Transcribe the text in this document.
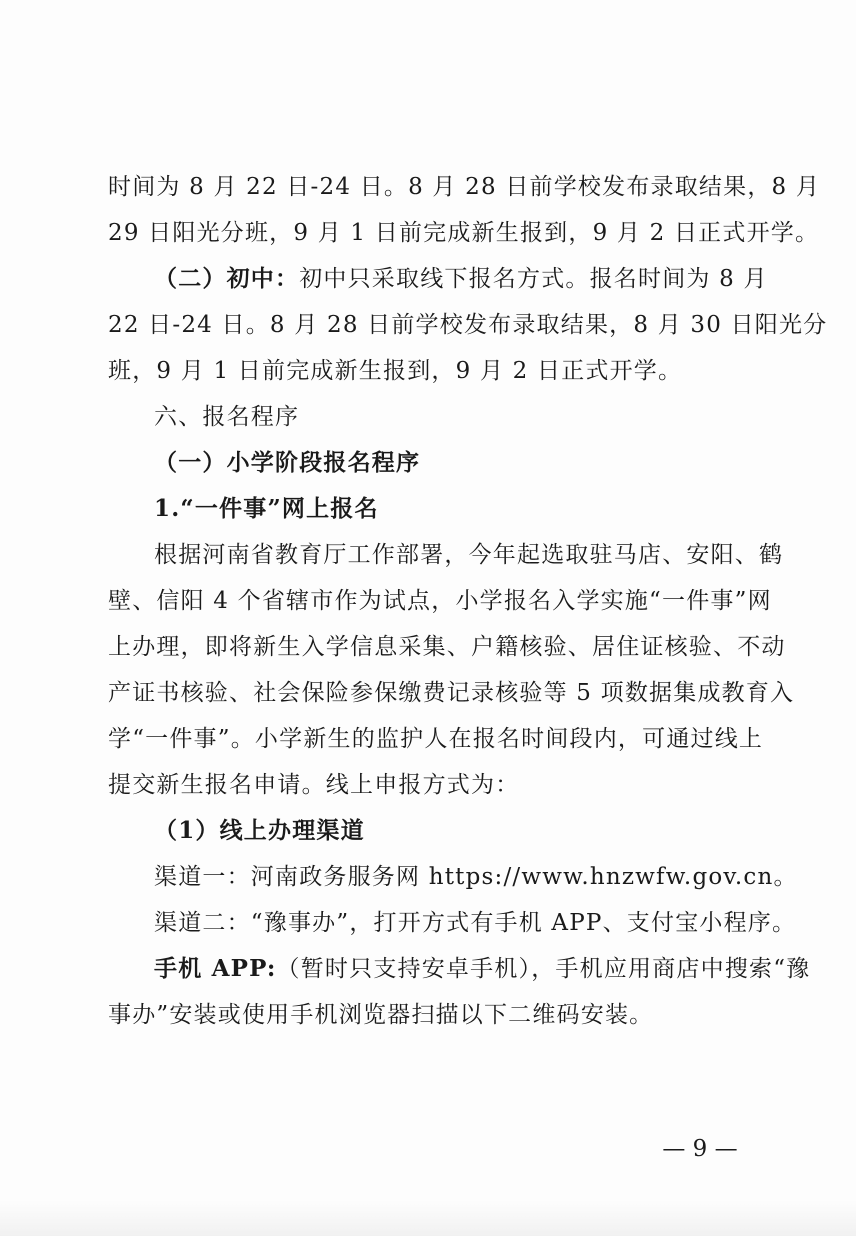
时间为 8 月 22 日-24 日。8 月 28 日前学校发布录取结果，8 月
29 日阳光分班，9 月 1 日前完成新生报到，9 月 2 日正式开学。
（二）初中：初中只采取线下报名方式。报名时间为 8 月
22 日-24 日。8 月 28 日前学校发布录取结果，8 月 30 日阳光分
班，9 月 1 日前完成新生报到，9 月 2 日正式开学。
六、报名程序
（一）小学阶段报名程序
1.“一件事”网上报名
根据河南省教育厅工作部署，今年起选取驻马店、安阳、鹤
壁、信阳 4 个省辖市作为试点，小学报名入学实施“一件事”网
上办理，即将新生入学信息采集、户籍核验、居住证核验、不动
产证书核验、社会保险参保缴费记录核验等 5 项数据集成教育入
学“一件事”。小学新生的监护人在报名时间段内，可通过线上
提交新生报名申请。线上申报方式为：
（1）线上办理渠道
渠道一：河南政务服务网 https://www.hnzwfw.gov.cn。
渠道二：“豫事办”，打开方式有手机 APP、支付宝小程序。
手机 APP:（暂时只支持安卓手机），手机应用商店中搜索“豫
事办”安装或使用手机浏览器扫描以下二维码安装。
— 9 —
